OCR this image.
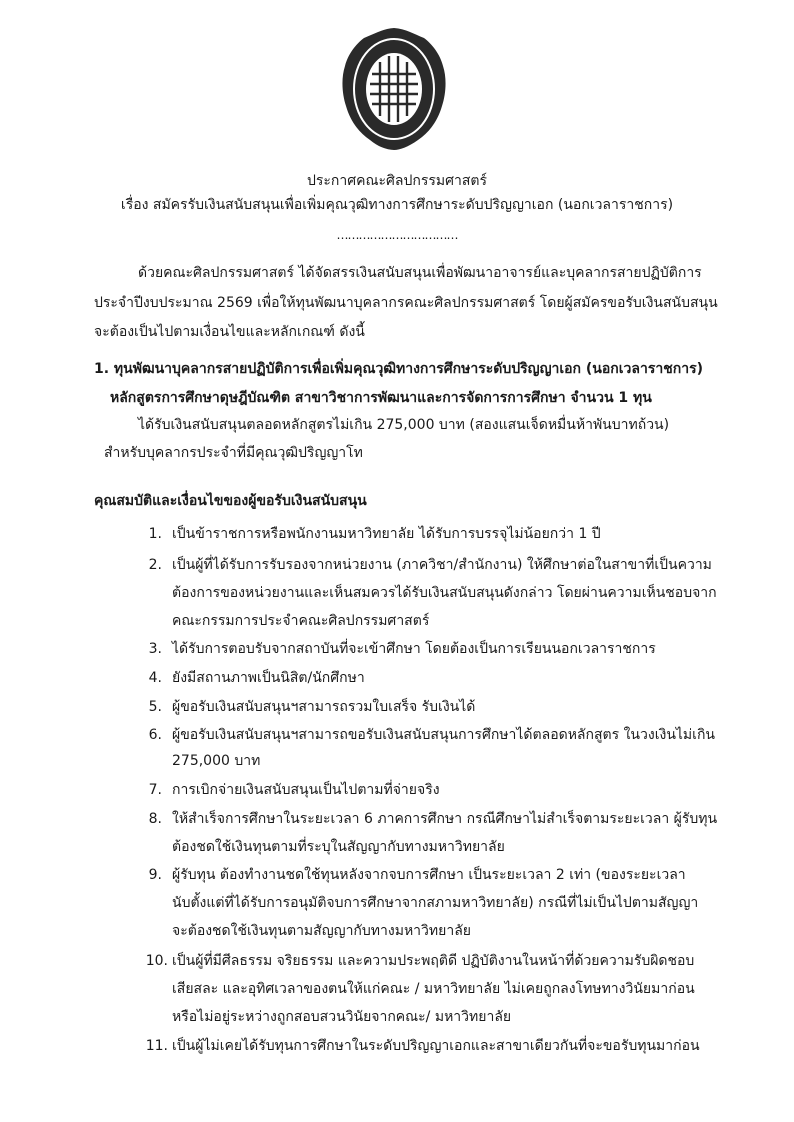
ประกาศคณะศิลปกรรมศาสตร์
เรื่อง สมัครรับเงินสนับสนุนเพื่อเพิ่มคุณวุฒิทางการศึกษาระดับปริญญาเอก (นอกเวลาราชการ)
……………………………
ด้วยคณะศิลปกรรมศาสตร์ ได้จัดสรรเงินสนับสนุนเพื่อพัฒนาอาจารย์และบุคลากรสายปฏิบัติการ
ประจำปีงบประมาณ 2569 เพื่อให้ทุนพัฒนาบุคลากรคณะศิลปกรรมศาสตร์ โดยผู้สมัครขอรับเงินสนับสนุน
จะต้องเป็นไปตามเงื่อนไขและหลักเกณฑ์ ดังนี้
1. ทุนพัฒนาบุคลากรสายปฏิบัติการเพื่อเพิ่มคุณวุฒิทางการศึกษาระดับปริญญาเอก (นอกเวลาราชการ)
หลักสูตรการศึกษาดุษฎีบัณฑิต สาขาวิชาการพัฒนาและการจัดการการศึกษา จำนวน 1 ทุน
ได้รับเงินสนับสนุนตลอดหลักสูตรไม่เกิน 275,000 บาท (สองแสนเจ็ดหมื่นห้าพันบาทถ้วน)
สำหรับบุคลากรประจำที่มีคุณวุฒิปริญญาโท
คุณสมบัติและเงื่อนไขของผู้ขอรับเงินสนับสนุน
1. เป็นข้าราชการหรือพนักงานมหาวิทยาลัย ได้รับการบรรจุไม่น้อยกว่า 1 ปี
2. เป็นผู้ที่ได้รับการรับรองจากหน่วยงาน (ภาควิชา/สำนักงาน) ให้ศึกษาต่อในสาขาที่เป็นความ
ต้องการของหน่วยงานและเห็นสมควรได้รับเงินสนับสนุนดังกล่าว โดยผ่านความเห็นชอบจาก
คณะกรรมการประจำคณะศิลปกรรมศาสตร์
3. ได้รับการตอบรับจากสถาบันที่จะเข้าศึกษา โดยต้องเป็นการเรียนนอกเวลาราชการ
4. ยังมีสถานภาพเป็นนิสิต/นักศึกษา
5. ผู้ขอรับเงินสนับสนุนฯสามารถรวมใบเสร็จ รับเงินได้
6. ผู้ขอรับเงินสนับสนุนฯสามารถขอรับเงินสนับสนุนการศึกษาได้ตลอดหลักสูตร ในวงเงินไม่เกิน
275,000 บาท
7. การเบิกจ่ายเงินสนับสนุนเป็นไปตามที่จ่ายจริง
8. ให้สำเร็จการศึกษาในระยะเวลา 6 ภาคการศึกษา กรณีศึกษาไม่สำเร็จตามระยะเวลา ผู้รับทุน
ต้องชดใช้เงินทุนตามที่ระบุในสัญญากับทางมหาวิทยาลัย
9. ผู้รับทุน ต้องทำงานชดใช้ทุนหลังจากจบการศึกษา เป็นระยะเวลา 2 เท่า (ของระยะเวลา
นับตั้งแต่ที่ได้รับการอนุมัติจบการศึกษาจากสภามหาวิทยาลัย) กรณีที่ไม่เป็นไปตามสัญญา
จะต้องชดใช้เงินทุนตามสัญญากับทางมหาวิทยาลัย
10. เป็นผู้ที่มีศีลธรรม จริยธรรม และความประพฤติดี ปฏิบัติงานในหน้าที่ด้วยความรับผิดชอบ
เสียสละ และอุทิศเวลาของตนให้แก่คณะ / มหาวิทยาลัย ไม่เคยถูกลงโทษทางวินัยมาก่อน
หรือไม่อยู่ระหว่างถูกสอบสวนวินัยจากคณะ/ มหาวิทยาลัย
11. เป็นผู้ไม่เคยได้รับทุนการศึกษาในระดับปริญญาเอกและสาขาเดียวกันที่จะขอรับทุนมาก่อน
